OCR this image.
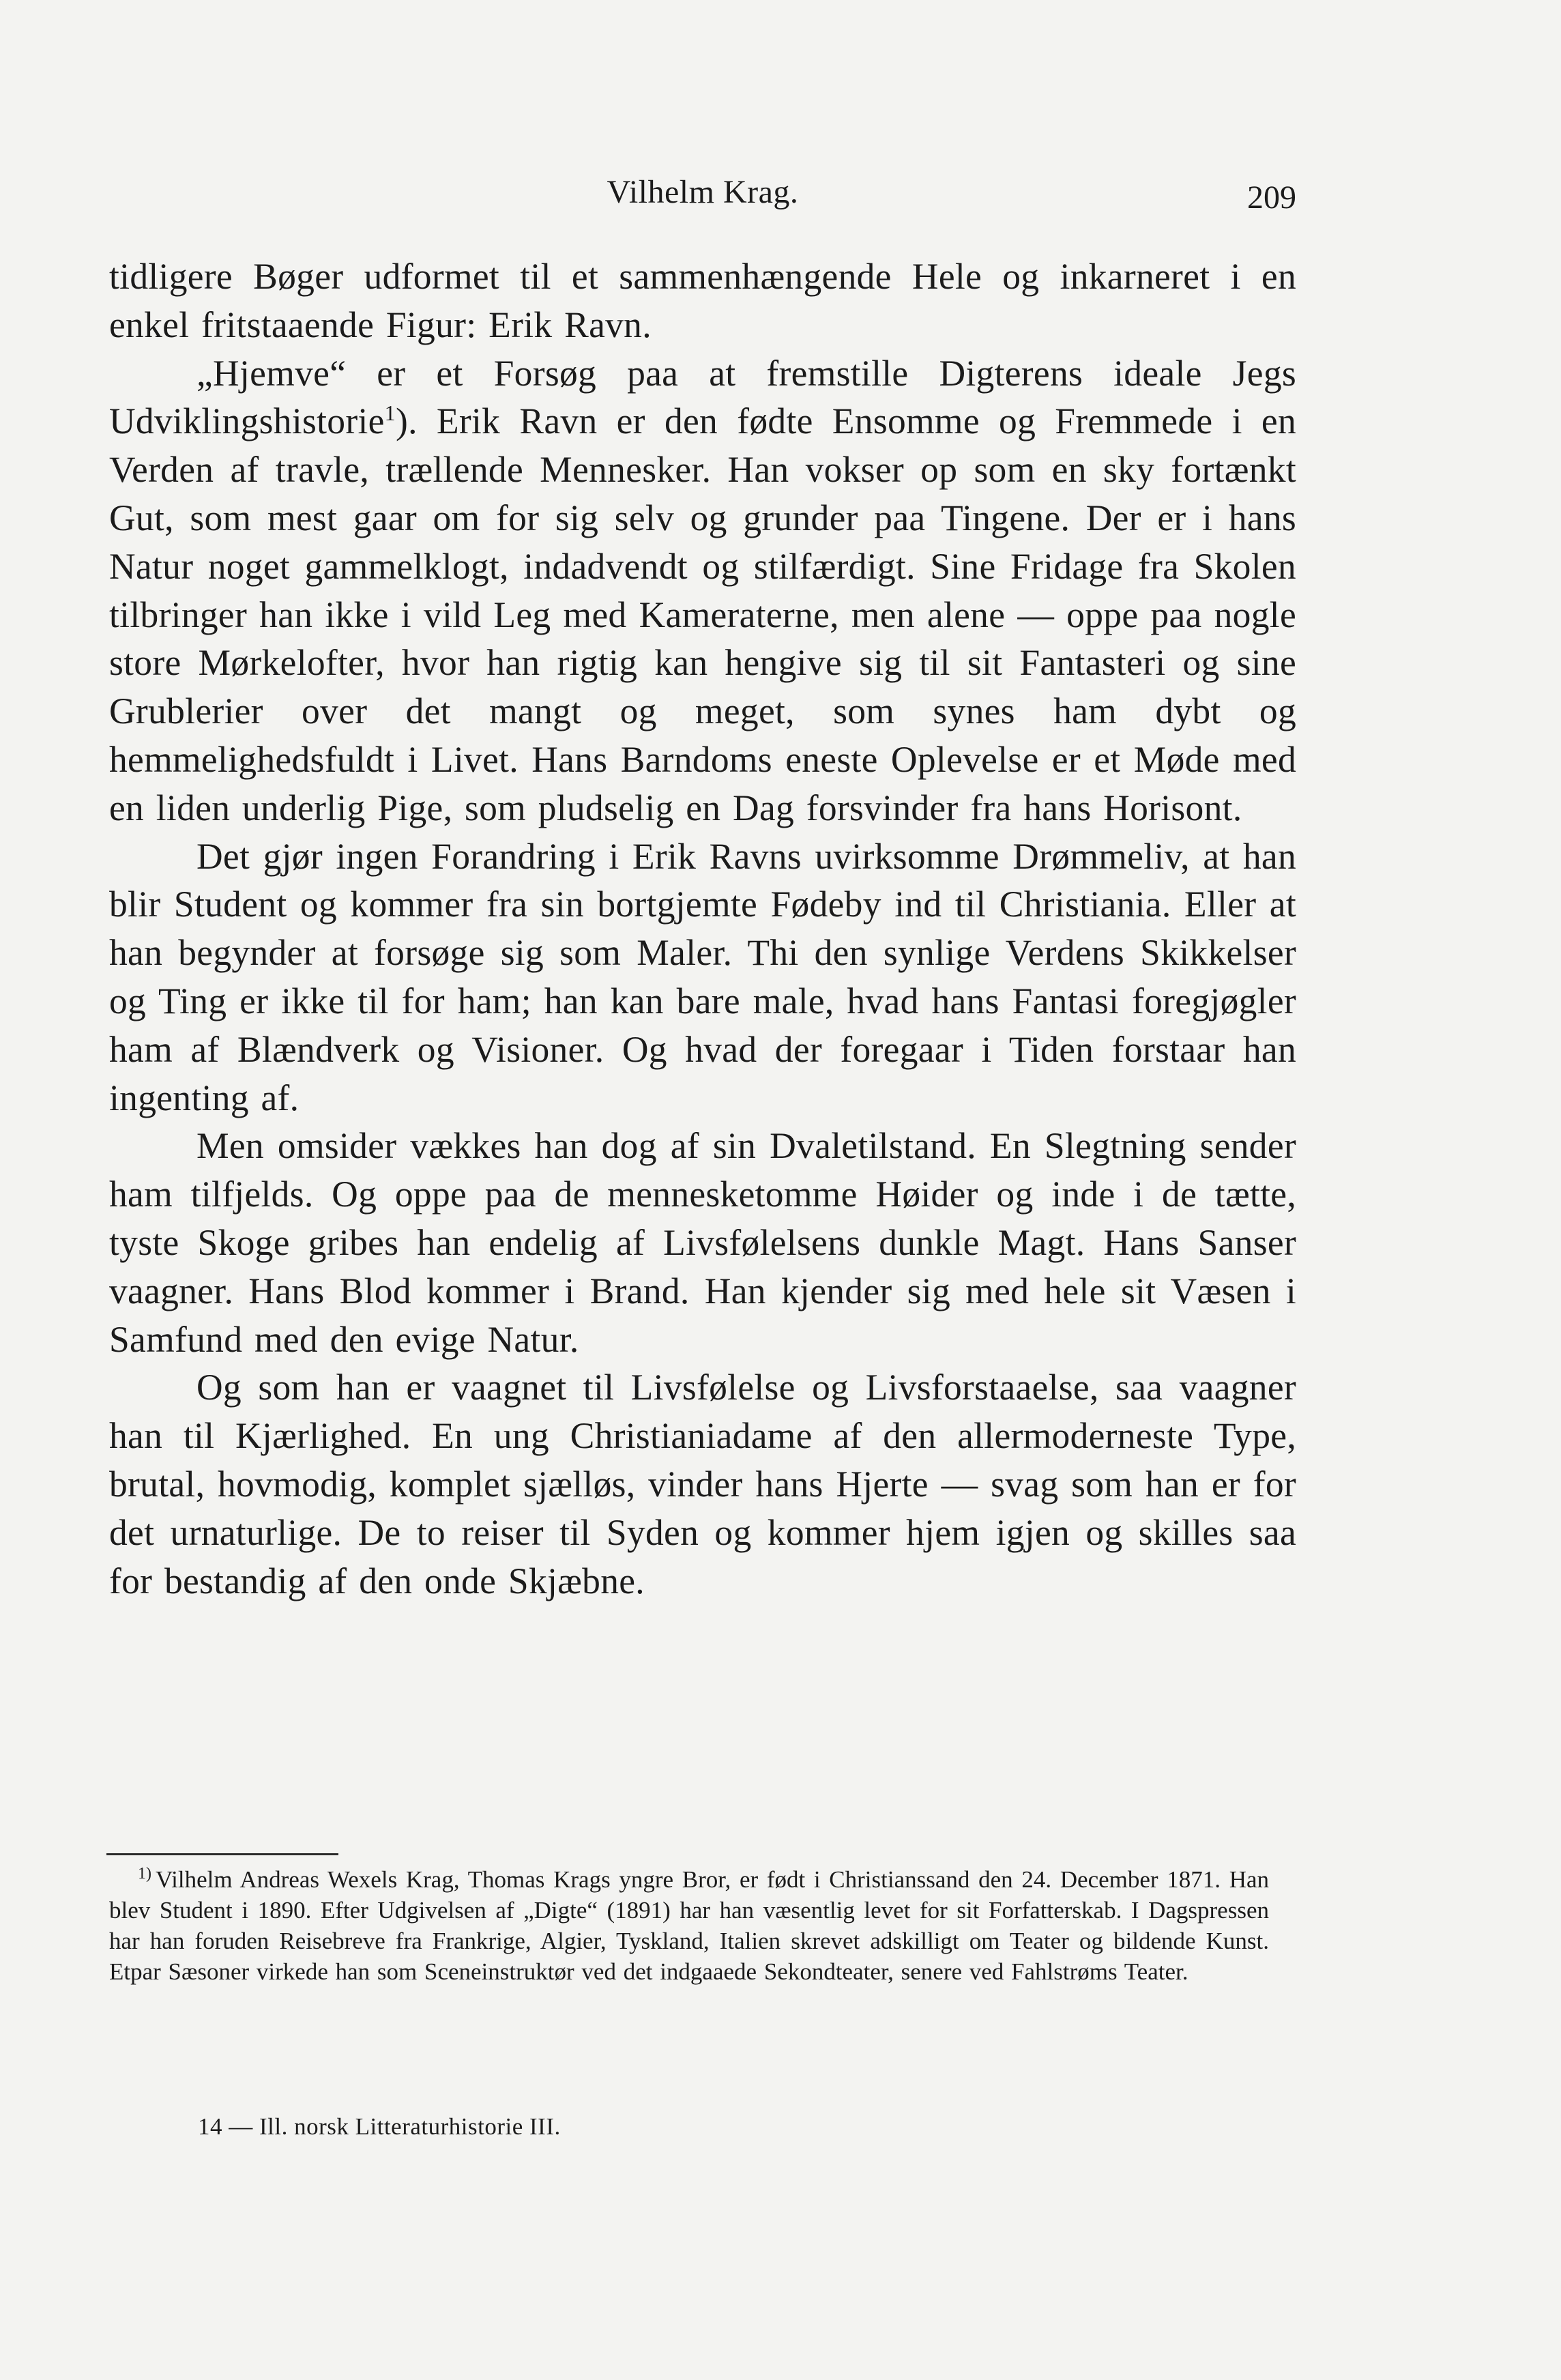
Vilhelm Krag.	209

tidligere Bøger udformet til et sammenhængende Hele og inkarneret i en enkel fritstaaende Figur: Erik Ravn.

„Hjemve“ er et Forsøg paa at fremstille Digterens ideale Jegs Udviklingshistorie$^1$). Erik Ravn er den fødte Ensomme og Fremmede i en Verden af travle, trællende Mennesker. Han vokser op som en sky fortænkt Gut, som mest gaar om for sig selv og grunder paa Tingene. Der er i hans Natur noget gammelklogt, indadvendt og stilfærdigt. Sine Fridage fra Skolen tilbringer han ikke i vild Leg med Kameraterne, men alene — oppe paa nogle store Mørkelofter, hvor han rigtig kan hengive sig til sit Fantasteri og sine Grublerier over det mangt og meget, som synes ham dybt og hemmelighedsfuldt i Livet. Hans Barndoms eneste Oplevelse er et Møde med en liden underlig Pige, som pludselig en Dag forsvinder fra hans Horisont.

Det gjør ingen Forandring i Erik Ravns uvirksomme Drømmeliv, at han blir Student og kommer fra sin bortgjemte Fødeby ind til Christiania. Eller at han begynder at forsøge sig som Maler. Thi den synlige Verdens Skikkelser og Ting er ikke til for ham; han kan bare male, hvad hans Fantasi foregjøgler ham af Blændverk og Visioner. Og hvad der foregaar i Tiden forstaar han ingenting af.

Men omsider vækkes han dog af sin Dvaletilstand. En Slegtning sender ham tilfjelds. Og oppe paa de mennesketomme Høider og inde i de tætte, tyste Skoge gribes han endelig af Livsfølelsens dunkle Magt. Hans Sanser vaagner. Hans Blod kommer i Brand. Han kjender sig med hele sit Væsen i Samfund med den evige Natur.

Og som han er vaagnet til Livsfølelse og Livsforstaaelse, saa vaagner han til Kjærlighed. En ung Christianiadame af den allermoderneste Type, brutal, hovmodig, komplet sjælløs, vinder hans Hjerte — svag som han er for det urnaturlige. De to reiser til Syden og kommer hjem igjen og skilles saa for bestandig af den onde Skjæbne.

$^{1)}$ Vilhelm Andreas Wexels Krag, Thomas Krags yngre Bror, er født i Christianssand den 24. December 1871. Han blev Student i 1890. Efter Udgivelsen af „Digte“ (1891) har han væsentlig levet for sit Forfatterskab. I Dagspressen har han foruden Reisebreve fra Frankrige, Algier, Tyskland, Italien skrevet adskilligt om Teater og bildende Kunst. Etpar Sæsoner virkede han som Sceneinstruktør ved det indgaaede Sekondteater, senere ved Fahlstrøms Teater.

14 — Ill. norsk Litteraturhistorie III.
